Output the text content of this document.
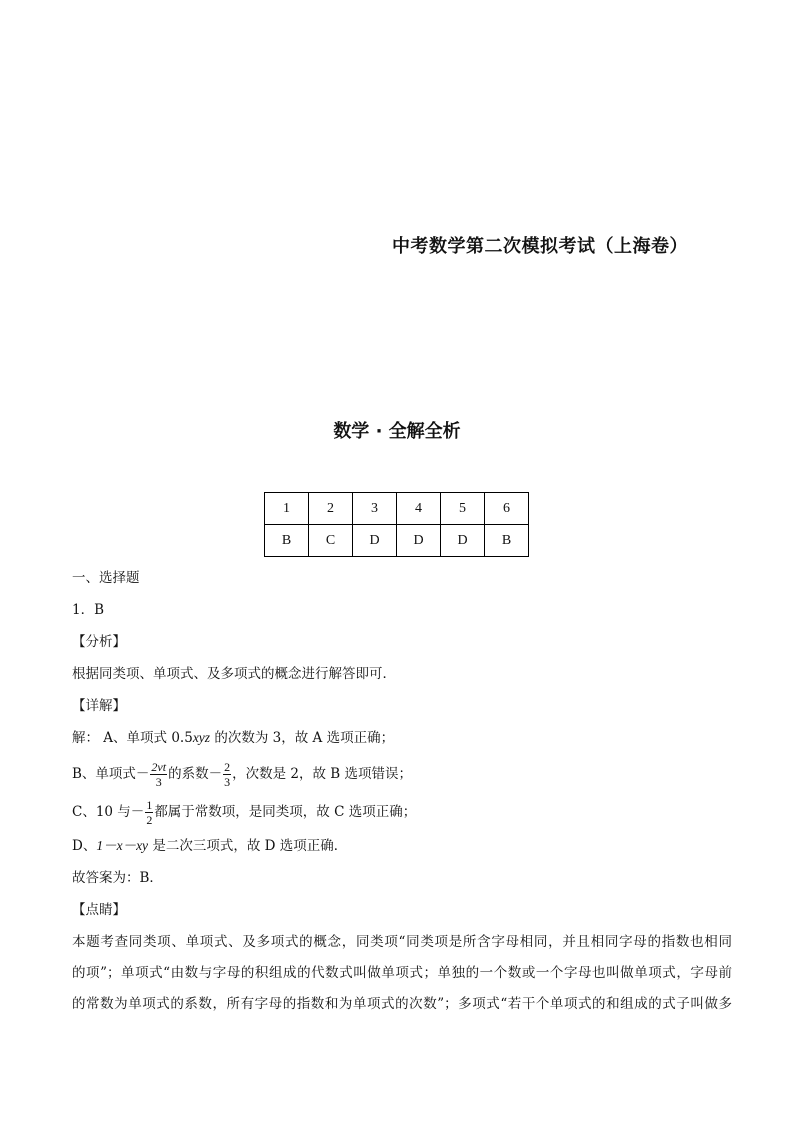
中考数学第二次模拟考试（上海卷）
数学 · 全解全析
1	2	3	4	5	6
B	C	D	D	D	B
一、选择题
1．B
【分析】
根据同类项、单项式、及多项式的概念进行解答即可．
【详解】
解： A、单项式 0.5xyz 的次数为 3，故 A 选项正确；
B、单项式－ $\frac{2vt}{3}$ 的系数－ $\frac{2}{3}$ ，次数是 2，故 B 选项错误；
C、10 与－ $\frac{1}{2}$ 都属于常数项，是同类项，故 C 选项正确；
D、1－x－xy 是二次三项式，故 D 选项正确．
故答案为：B．
【点睛】
本题考查同类项、单项式、及多项式的概念，同类项“同类项是所含字母相同，并且相同字母的指数也相同
的项”；单项式“由数与字母的积组成的代数式叫做单项式；单独的一个数或一个字母也叫做单项式，字母前
的常数为单项式的系数，所有字母的指数和为单项式的次数”；多项式“若干个单项式的和组成的式子叫做多
